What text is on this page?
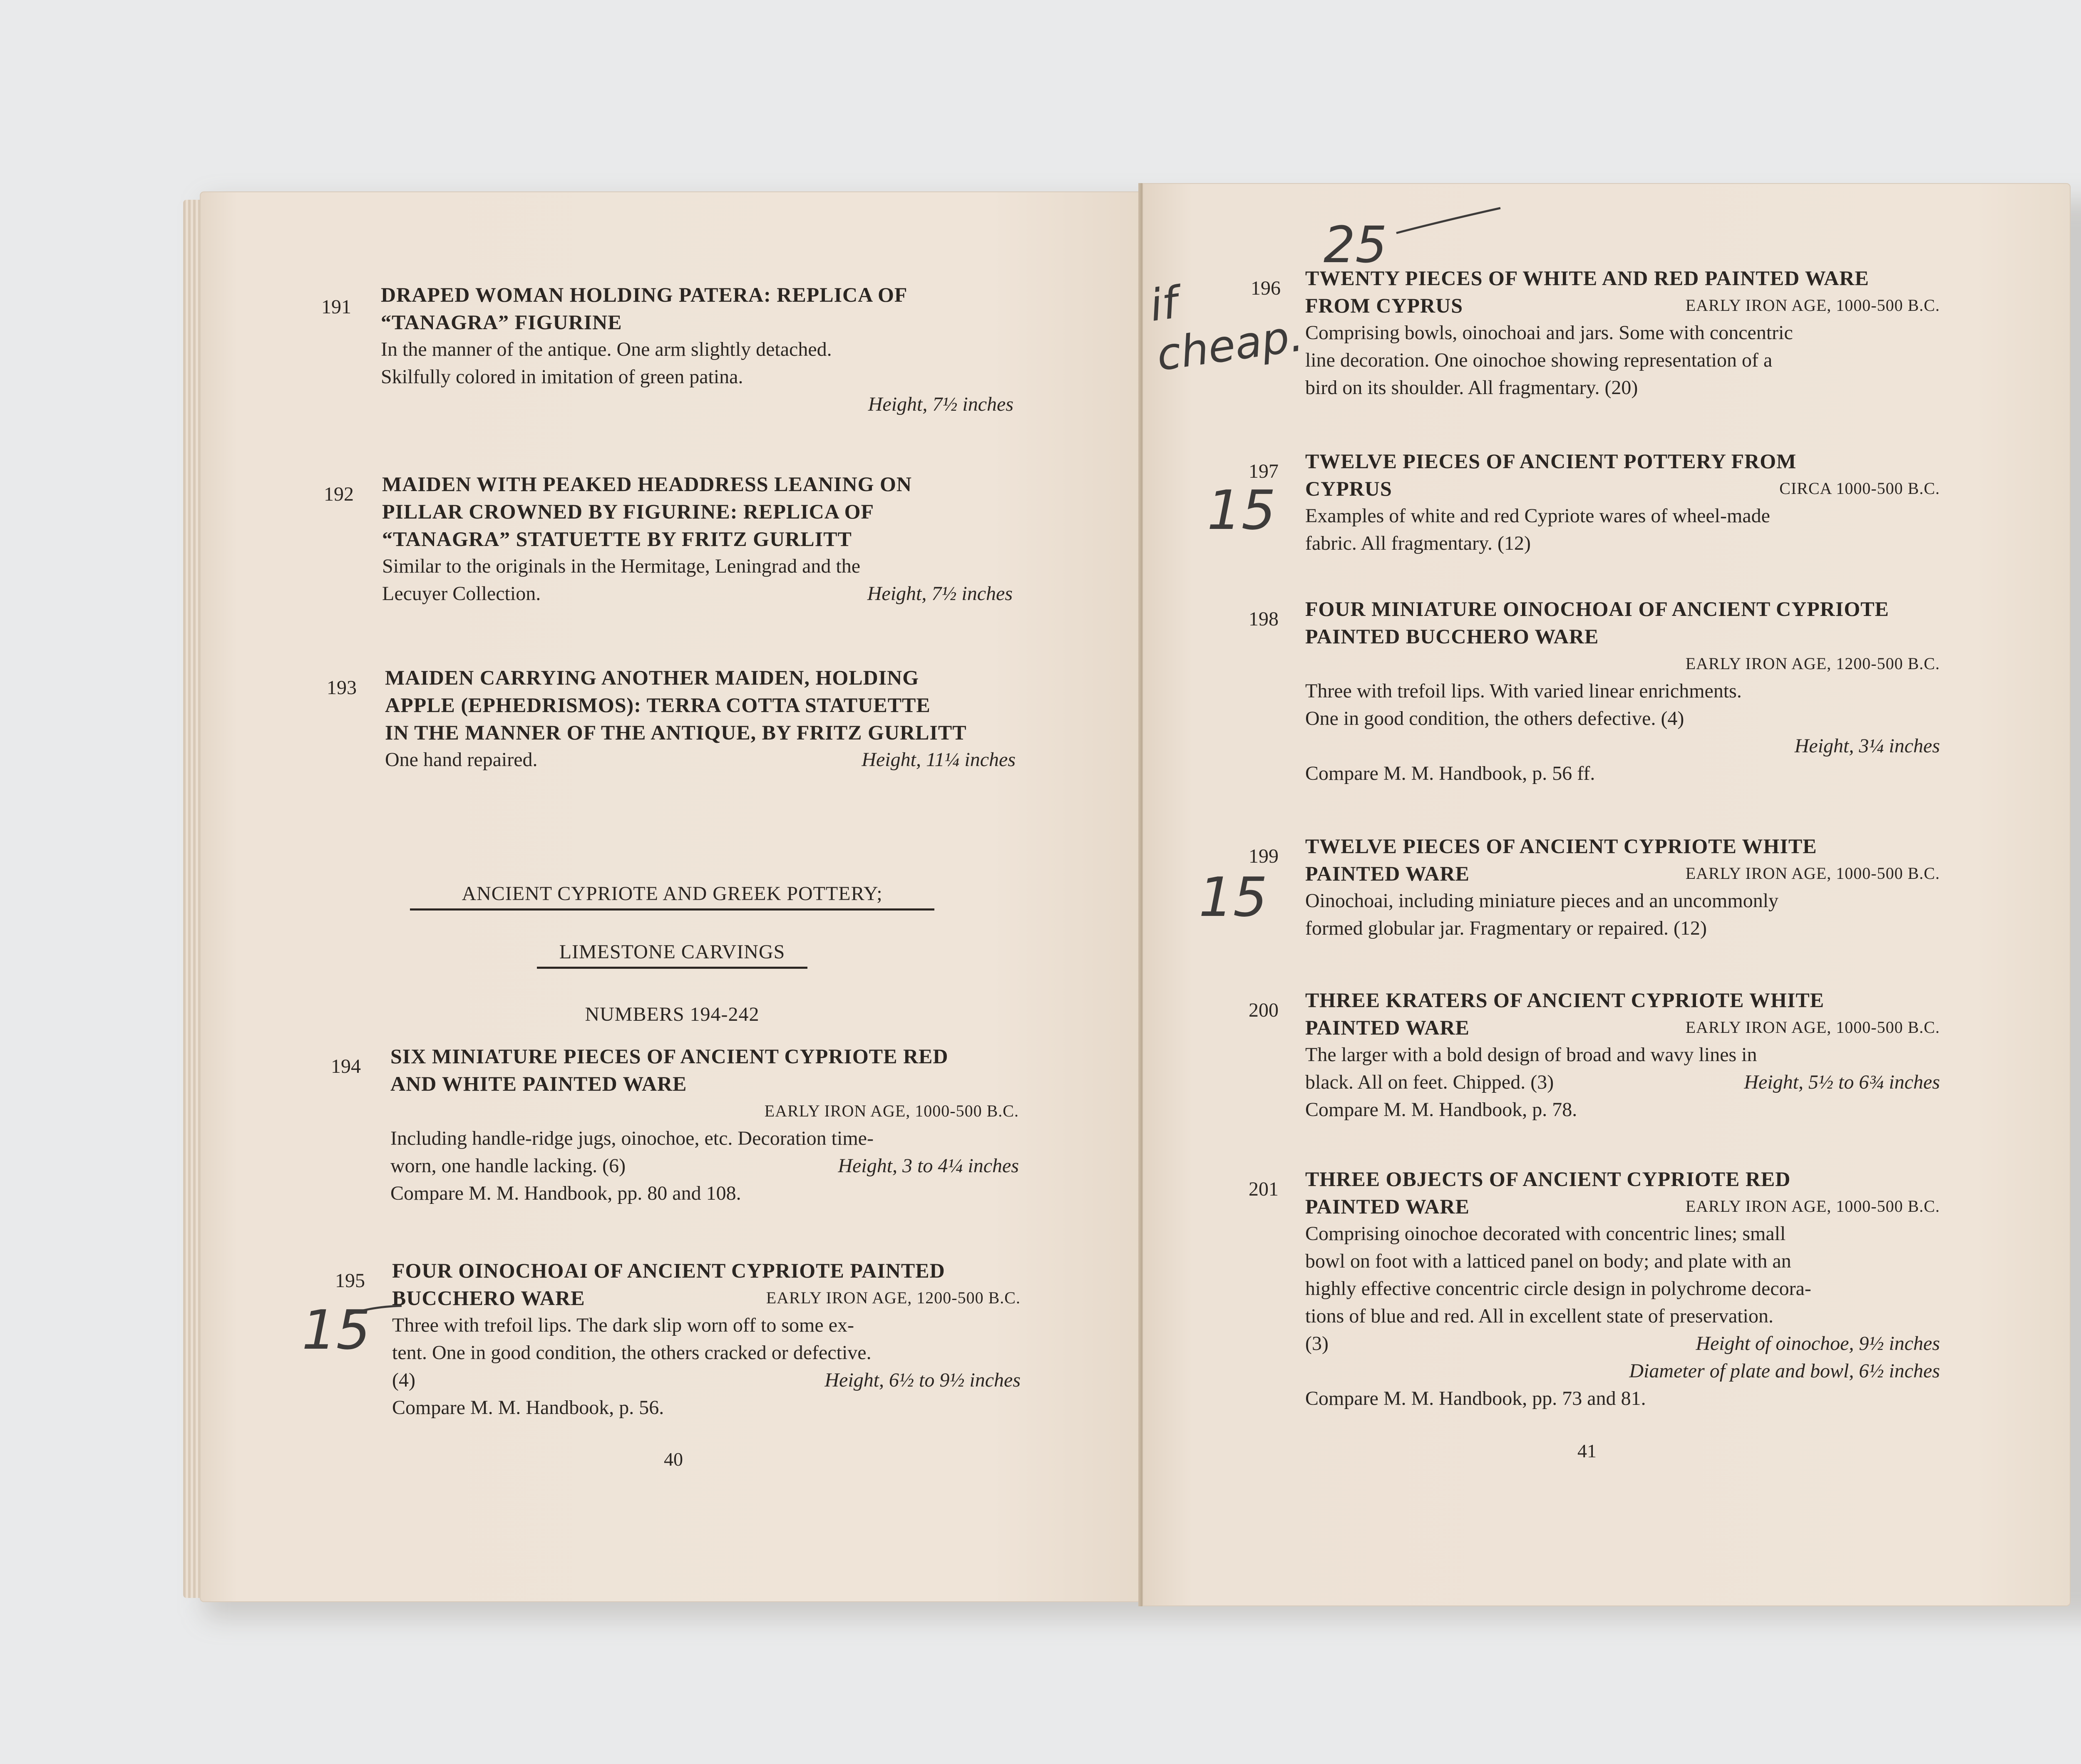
191
DRAPED WOMAN HOLDING PATERA: REPLICA OF
“TANAGRA” FIGURINE
In the manner of the antique. One arm slightly detached.
Skilfully colored in imitation of green patina.
Height, 7½ inches
192 MAIDEN WITH PEAKED HEADDRESS LEANING ON
PILLAR CROWNED BY FIGURINE: REPLICA OF
“TANAGRA” STATUETTE BY FRITZ GURLITT
Similar to the originals in the Hermitage, Leningrad and the
Lecuyer Collection.	Height, 7½ inches
193 MAIDEN CARRYING ANOTHER MAIDEN, HOLDING
APPLE (EPHEDRISMOS): TERRA COTTA STATUETTE
IN THE MANNER OF THE ANTIQUE, BY FRITZ GURLITT
One hand repaired.	Height, 11¼ inches
ANCIENT CYPRIOTE AND GREEK POTTERY;
LIMESTONE CARVINGS
NUMBERS 194-242
194 SIX MINIATURE PIECES OF ANCIENT CYPRIOTE RED
AND WHITE PAINTED WARE
EARLY IRON AGE, 1000-500 B.C.
Including handle-ridge jugs, oinochoe, etc. Decoration time-
worn, one handle lacking. (6)	Height, 3 to 4¼ inches
Compare M. M. Handbook, pp. 80 and 108.
195 FOUR OINOCHOAI OF ANCIENT CYPRIOTE PAINTED
BUCCHERO WARE	EARLY IRON AGE, 1200-500 B.C.
Three with trefoil lips. The dark slip worn off to some ex-
tent. One in good condition, the others cracked or defective.
(4)	Height, 6½ to 9½ inches
Compare M. M. Handbook, p. 56.
40
15
25
if cheap.
196 TWENTY PIECES OF WHITE AND RED PAINTED WARE
FROM CYPRUS	EARLY IRON AGE, 1000-500 B.C.
Comprising bowls, oinochoai and jars. Some with concentric
line decoration. One oinochoe showing representation of a
bird on its shoulder. All fragmentary. (20)
197 TWELVE PIECES OF ANCIENT POTTERY FROM
CYPRUS	CIRCA 1000-500 B.C.
Examples of white and red Cypriote wares of wheel-made
fabric. All fragmentary. (12)
15
198 FOUR MINIATURE OINOCHOAI OF ANCIENT CYPRIOTE
PAINTED BUCCHERO WARE
EARLY IRON AGE, 1200-500 B.C.
Three with trefoil lips. With varied linear enrichments.
One in good condition, the others defective. (4)
Height, 3¼ inches
Compare M. M. Handbook, p. 56 ff.
199 TWELVE PIECES OF ANCIENT CYPRIOTE WHITE
PAINTED WARE	EARLY IRON AGE, 1000-500 B.C.
Oinochoai, including miniature pieces and an uncommonly
formed globular jar. Fragmentary or repaired. (12)
15
200 THREE KRATERS OF ANCIENT CYPRIOTE WHITE
PAINTED WARE	EARLY IRON AGE, 1000-500 B.C.
The larger with a bold design of broad and wavy lines in
black. All on feet. Chipped. (3)	Height, 5½ to 6¾ inches
Compare M. M. Handbook, p. 78.
201 THREE OBJECTS OF ANCIENT CYPRIOTE RED
PAINTED WARE	EARLY IRON AGE, 1000-500 B.C.
Comprising oinochoe decorated with concentric lines; small
bowl on foot with a latticed panel on body; and plate with an
highly effective concentric circle design in polychrome decora-
tions of blue and red. All in excellent state of preservation.
(3)	Height of oinochoe, 9½ inches
Diameter of plate and bowl, 6½ inches
Compare M. M. Handbook, pp. 73 and 81.
41
